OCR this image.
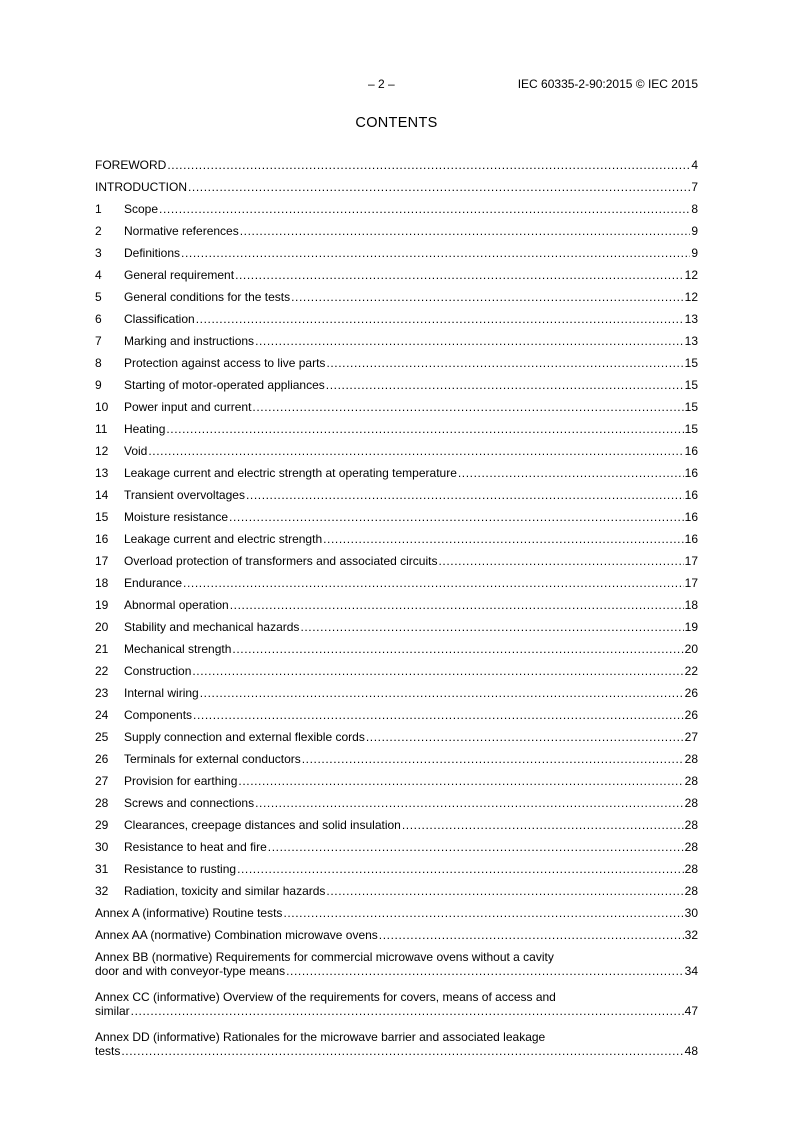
– 2 –	IEC 60335-2-90:2015 © IEC 2015
CONTENTS
FOREWORD .....	4
INTRODUCTION .....	7
1	Scope .....	8
2	Normative references .....	9
3	Definitions .....	9
4	General requirement .....	12
5	General conditions for the tests .....	12
6	Classification .....	13
7	Marking and instructions .....	13
8	Protection against access to live parts .....	15
9	Starting of motor-operated appliances .....	15
10	Power input and current .....	15
11	Heating .....	15
12	Void .....	16
13	Leakage current and electric strength at operating temperature .....	16
14	Transient overvoltages .....	16
15	Moisture resistance .....	16
16	Leakage current and electric strength .....	16
17	Overload protection of transformers and associated circuits .....	17
18	Endurance .....	17
19	Abnormal operation .....	18
20	Stability and mechanical hazards .....	19
21	Mechanical strength .....	20
22	Construction .....	22
23	Internal wiring .....	26
24	Components .....	26
25	Supply connection and external flexible cords .....	27
26	Terminals for external conductors .....	28
27	Provision for earthing .....	28
28	Screws and connections .....	28
29	Clearances, creepage distances and solid insulation .....	28
30	Resistance to heat and fire .....	28
31	Resistance to rusting .....	28
32	Radiation, toxicity and similar hazards .....	28
Annex A (informative) Routine tests .....	30
Annex AA (normative) Combination microwave ovens .....	32
Annex BB (normative) Requirements for commercial microwave ovens without a cavity
door and with conveyor-type means .....	34
Annex CC (informative) Overview of the requirements for covers, means of access and
similar .....	47
Annex DD (informative) Rationales for the microwave barrier and associated leakage
tests .....	48
